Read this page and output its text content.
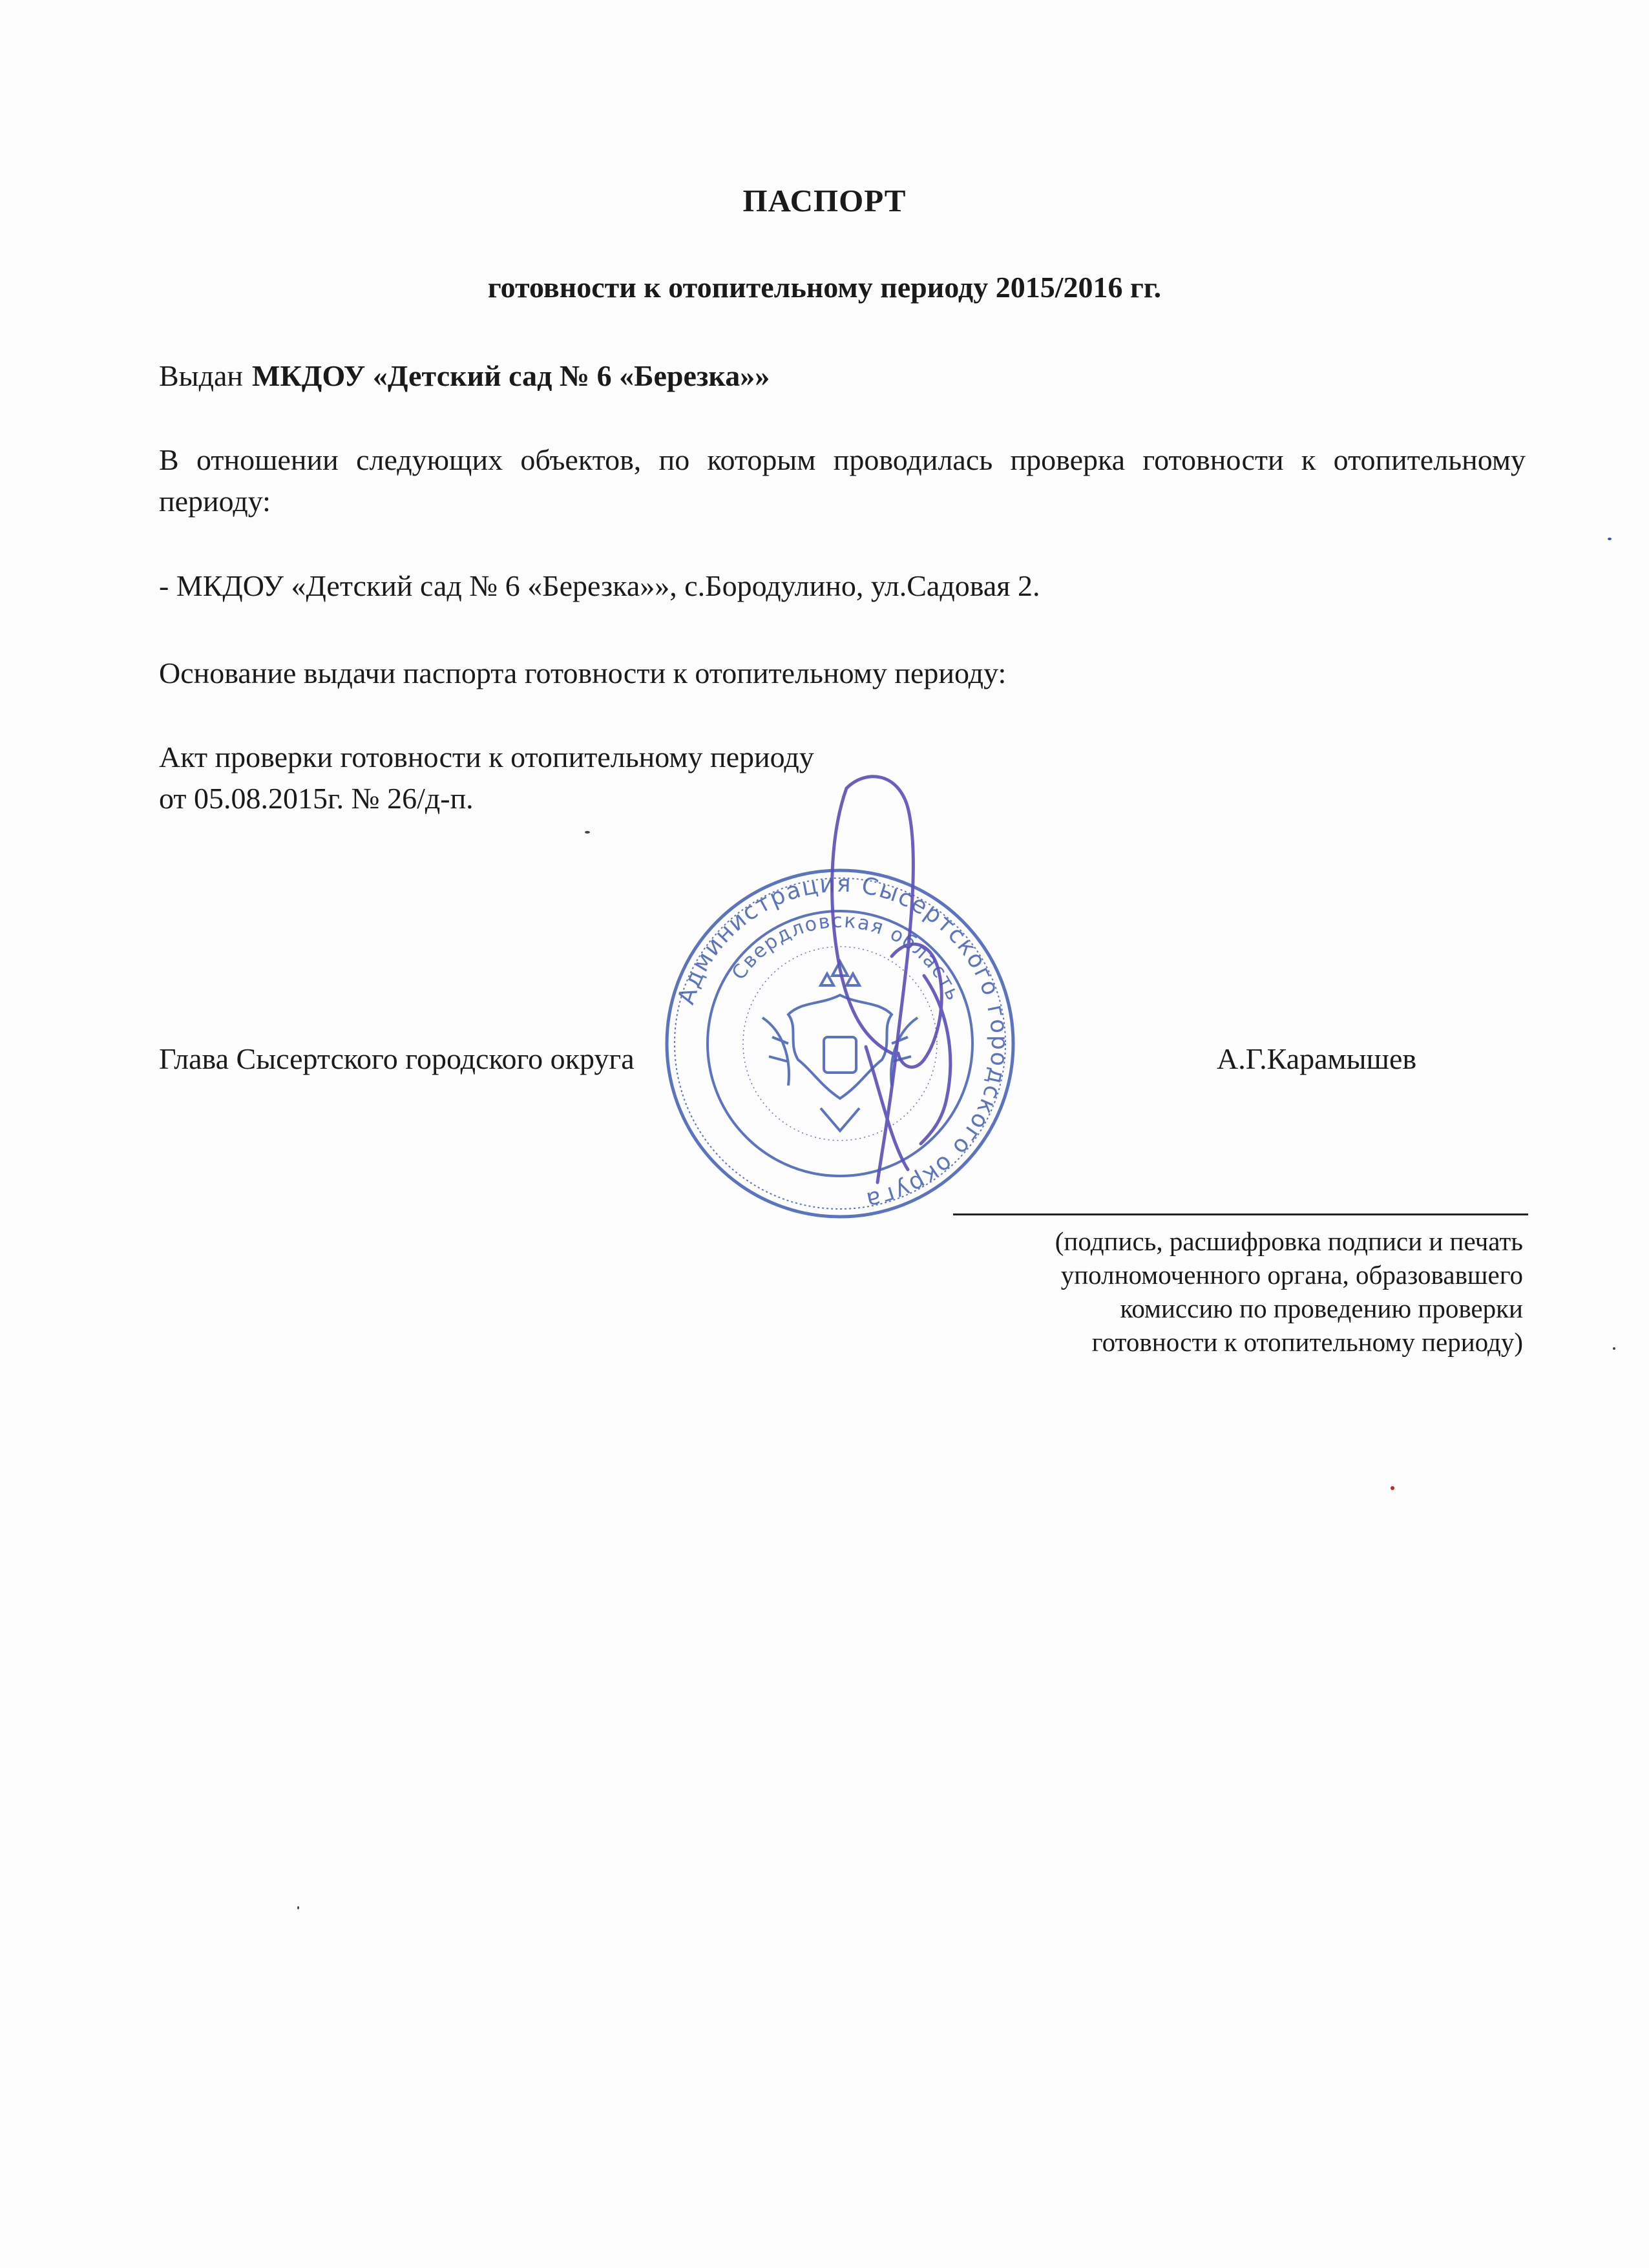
ПАСПОРТ
готовности к отопительному периоду 2015/2016 гг.
Выдан МКДОУ «Детский сад № 6 «Березка»»
В отношении следующих объектов, по которым проводилась проверка готовности к отопительному периоду:
- МКДОУ «Детский сад № 6 «Березка»», с.Бородулино, ул.Садовая 2.
Основание выдачи паспорта готовности к отопительному периоду:
Акт проверки готовности к отопительному периоду
от 05.08.2015г. № 26/д-п.
Администрация Сысертского городского округа
Свердловская область
Глава Сысертского городского округа	А.Г.Карамышев
(подпись, расшифровка подписи и печать
уполномоченного органа, образовавшего
комиссию по проведению проверки
готовности к отопительному периоду)
